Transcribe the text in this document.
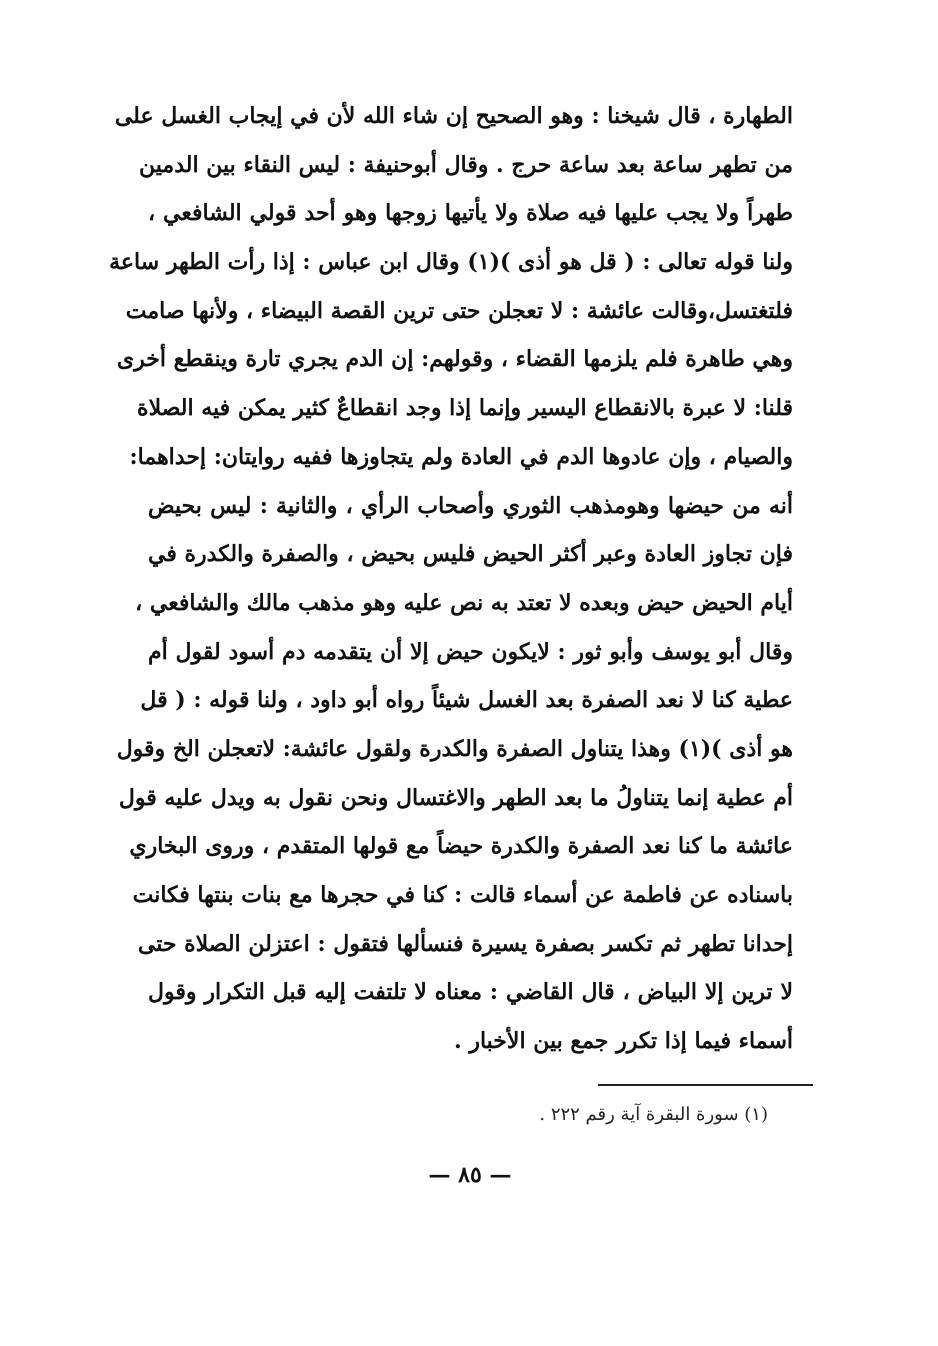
الطهارة ، قال شيخنا : وهو الصحيح إن شاء الله لأن في إيجاب الغسل على
من تطهر ساعة بعد ساعة حرج . وقال أبوحنيفة : ليس النقاء بين الدمين
طهراً ولا يجب عليها فيه صلاة ولا يأتيها زوجها وهو أحد قولي الشافعي ،
ولنا قوله تعالى : ( قل هو أذى )(١) وقال ابن عباس : إذا رأت الطهر ساعة
فلتغتسل،وقالت عائشة : لا تعجلن حتى ترين القصة البيضاء ، ولأنها صامت
وهي طاهرة فلم يلزمها القضاء ، وقولهم: إن الدم يجري تارة وينقطع أخرى
قلنا: لا عبرة بالانقطاع اليسير وإنما إذا وجد انقطاعٌ كثير يمكن فيه الصلاة
والصيام ، وإن عادوها الدم في العادة ولم يتجاوزها ففيه روايتان: إحداهما:
أنه من حيضها وهومذهب الثوري وأصحاب الرأي ، والثانية : ليس بحيض
فإن تجاوز العادة وعبر أكثر الحيض فليس بحيض ، والصفرة والكدرة في
أيام الحيض حيض وبعده لا تعتد به نص عليه وهو مذهب مالك والشافعي ،
وقال أبو يوسف وأبو ثور : لايكون حيض إلا أن يتقدمه دم أسود لقول أم
عطية كنا لا نعد الصفرة بعد الغسل شيئاً رواه أبو داود ، ولنا قوله : ( قل
هو أذى )(١) وهذا يتناول الصفرة والكدرة ولقول عائشة: لاتعجلن الخ وقول
أم عطية إنما يتناولُ ما بعد الطهر والاغتسال ونحن نقول به ويدل عليه قول
عائشة ما كنا نعد الصفرة والكدرة حيضاً مع قولها المتقدم ، وروى البخاري
باسناده عن فاطمة عن أسماء قالت : كنا في حجرها مع بنات بنتها فكانت
إحدانا تطهر ثم تكسر بصفرة يسيرة فنسألها فتقول : اعتزلن الصلاة حتى
لا ترين إلا البياض ، قال القاضي : معناه لا تلتفت إليه قبل التكرار وقول
أسماء فيما إذا تكرر جمع بين الأخبار .
(١) سورة البقرة آية رقم ٢٢٢ .
— ٨٥ —
